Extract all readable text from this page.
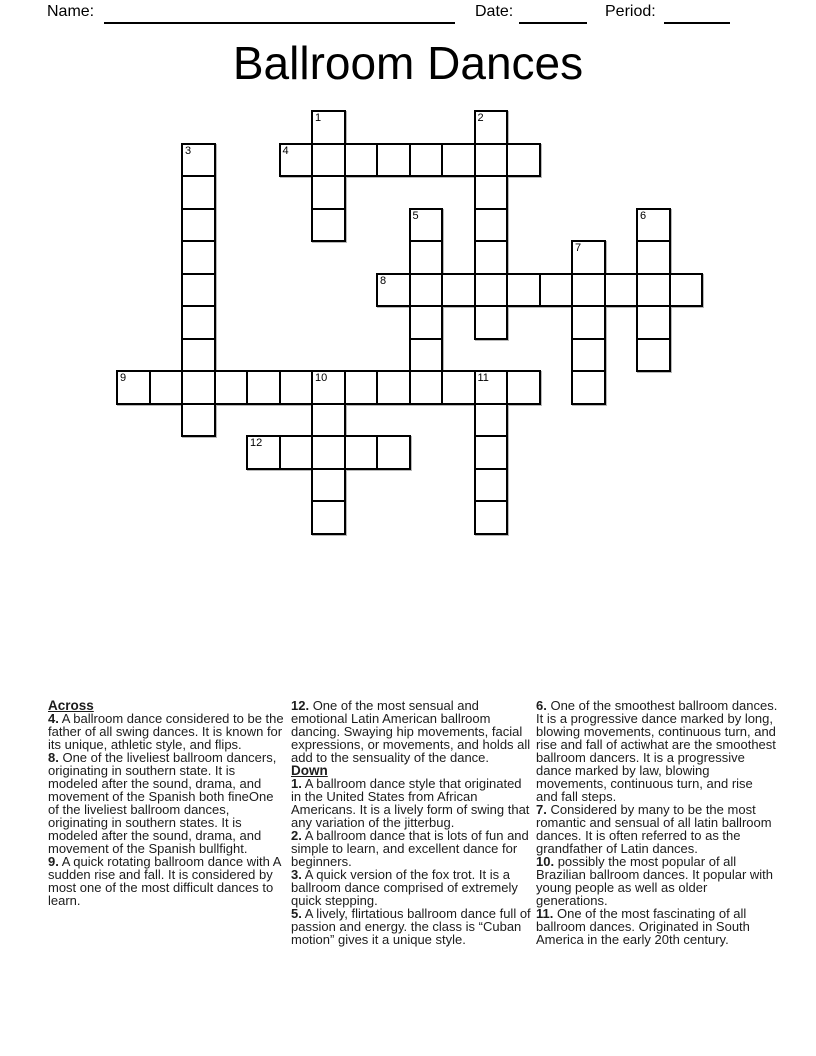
Name:	Date:	Period:
Ballroom Dances
1	2
3	4
5	6
7
8
9	10	11
12
Across
4. A ballroom dance considered to be the father of all swing dances. It is known for its unique, athletic style, and flips.
8. One of the liveliest ballroom dancers, originating in southern state. It is modeled after the sound, drama, and movement of the Spanish both fineOne of the liveliest ballroom dances, originating in southern states. It is modeled after the sound, drama, and movement of the Spanish bullfight.
9. A quick rotating ballroom dance with A sudden rise and fall. It is considered by most one of the most difficult dances to learn.
12. One of the most sensual and emotional Latin American ballroom dancing. Swaying hip movements, facial expressions, or movements, and holds all add to the sensuality of the dance.
Down
1. A ballroom dance style that originated in the United States from African Americans. It is a lively form of swing that any variation of the jitterbug.
2. A ballroom dance that is lots of fun and simple to learn, and excellent dance for beginners.
3. A quick version of the fox trot. It is a ballroom dance comprised of extremely quick stepping.
5. A lively, flirtatious ballroom dance full of passion and energy. the class is “Cuban motion” gives it a unique style.
6. One of the smoothest ballroom dances. It is a progressive dance marked by long, blowing movements, continuous turn, and rise and fall of actiwhat are the smoothest ballroom dancers. It is a progressive dance marked by law, blowing movements, continuous turn, and rise and fall steps.
7. Considered by many to be the most romantic and sensual of all latin ballroom dances. It is often referred to as the grandfather of Latin dances.
10. possibly the most popular of all Brazilian ballroom dances. It popular with young people as well as older generations.
11. One of the most fascinating of all ballroom dances. Originated in South America in the early 20th century.
